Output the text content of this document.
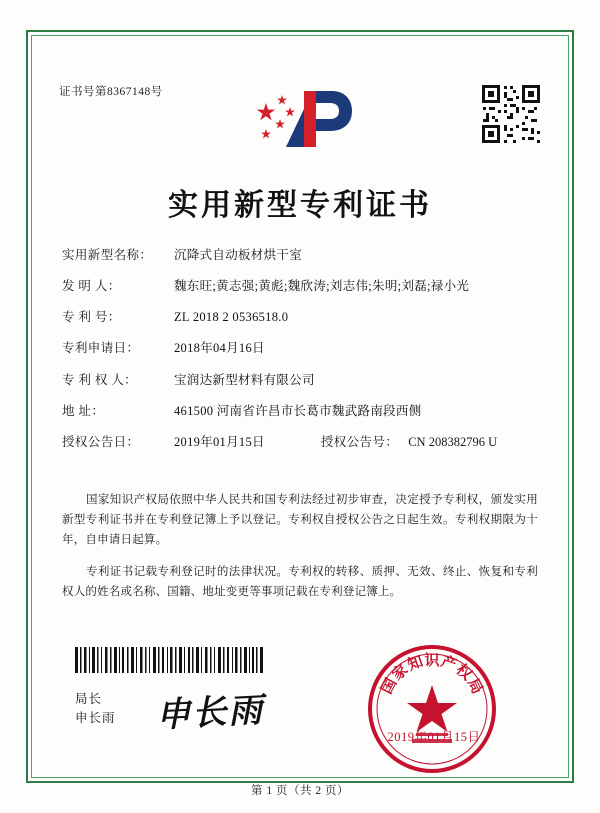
证书号第8367148号
实用新型专利证书
实用新型名称：	沉降式自动板材烘干室
发 明 人：	魏东旺;黄志强;黄彪;魏欣涛;刘志伟;朱明;刘磊;禄小光
专 利 号：	ZL 2018 2 0536518.0
专利申请日：	2018年04月16日
专 利 权 人：	宝润达新型材料有限公司
地 址：	461500 河南省许昌市长葛市魏武路南段西侧
授权公告日：	2019年01月15日	授权公告号： CN 208382796 U
国家知识产权局依照中华人民共和国专利法经过初步审查，决定授予专利权，颁发实用新型专利证书并在专利登记簿上予以登记。专利权自授权公告之日起生效。专利权期限为十年，自申请日起算。
专利证书记载专利登记时的法律状况。专利权的转移、质押、无效、终止、恢复和专利权人的姓名或名称、国籍、地址变更等事项记载在专利登记簿上。
局长
申长雨 申长雨
国
家
知 识 产
权
局
2019年01月15日
第 1 页（共 2 页）
